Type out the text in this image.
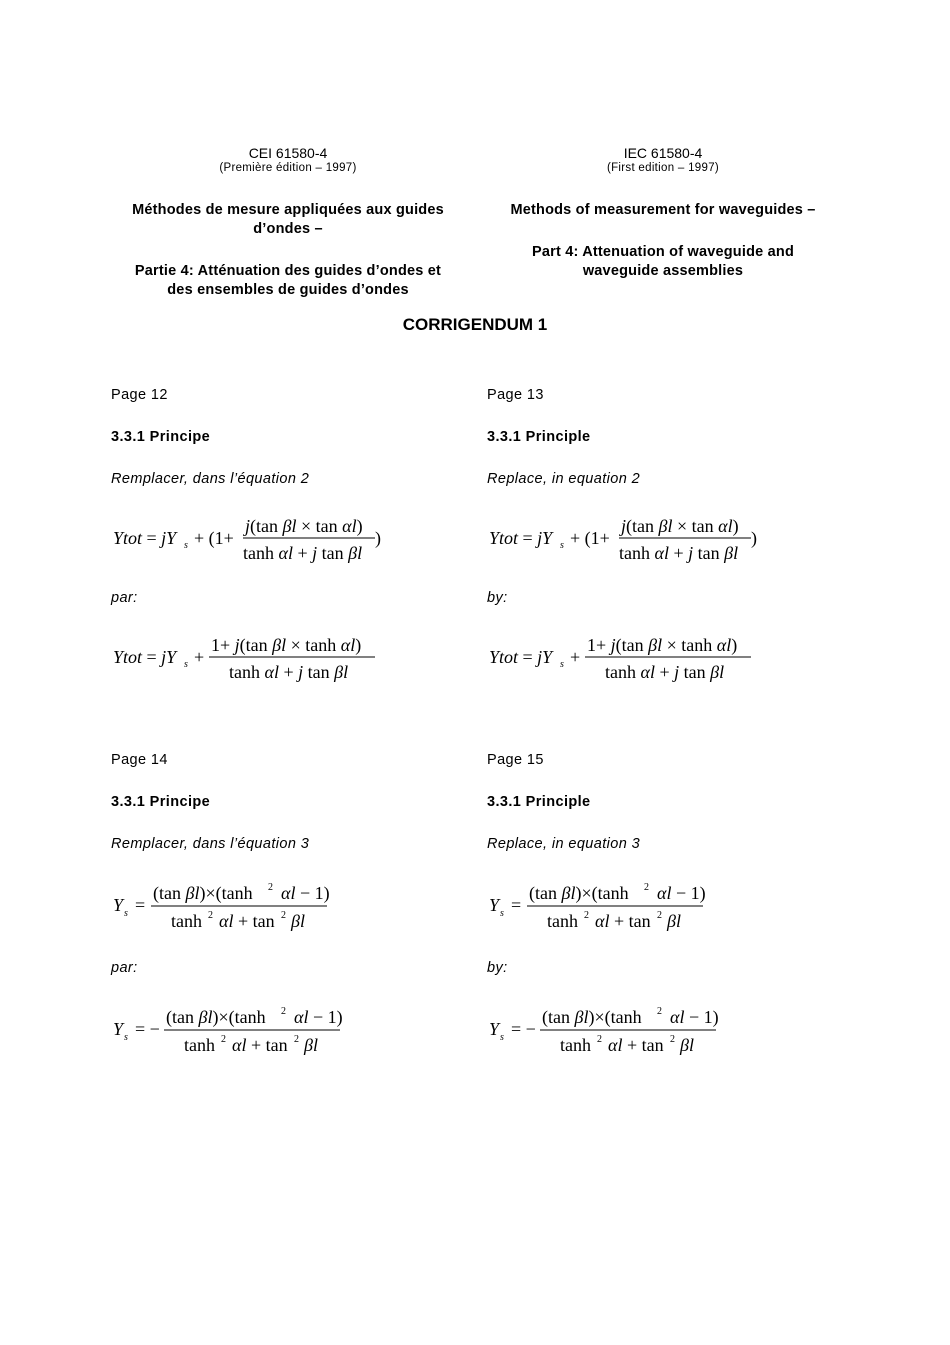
CEI 61580-4
(Première édition – 1997)
Méthodes de mesure appliquées aux guides
d’ondes –
Partie 4: Atténuation des guides d’ondes et
des ensembles de guides d’ondes
IEC 61580-4
(First edition – 1997)
Methods of measurement for waveguides –
Part 4: Attenuation of waveguide and
waveguide assemblies
CORRIGENDUM 1
Page 12
3.3.1 Principe
Remplacer, dans l’équation 2
par:
Page 13
3.3.1 Principle
Replace, in equation 2
by:
Page 14
3.3.1 Principe
Remplacer, dans l’équation 3
par:
Page 15
3.3.1 Principle
Replace, in equation 3
by:
Ytot = jY s + (1+
j(tan βl × tan αl)
tanh αl + j tan βl
)	Ytot = jY s + (1+
j(tan βl × tan αl)
tanh αl + j tan βl
)
Ytot = jY s +
1+ j(tan βl × tanh αl)
tanh αl + j tan βl
Ytot = jY s +
1+ j(tan βl × tanh αl)
tanh αl + j tan βl
Y s =
(tan βl)×(tanh 2 αl − 1)
tanh 2 αl + tan 2 βl
Y s =
(tan βl)×(tanh 2 αl − 1)
tanh 2 αl + tan 2 βl
Y s = −
(tan βl)×(tanh 2 αl − 1)
tanh 2 αl + tan 2 βl
Y s = −
(tan βl)×(tanh 2 αl − 1)
tanh 2 αl + tan 2 βl
